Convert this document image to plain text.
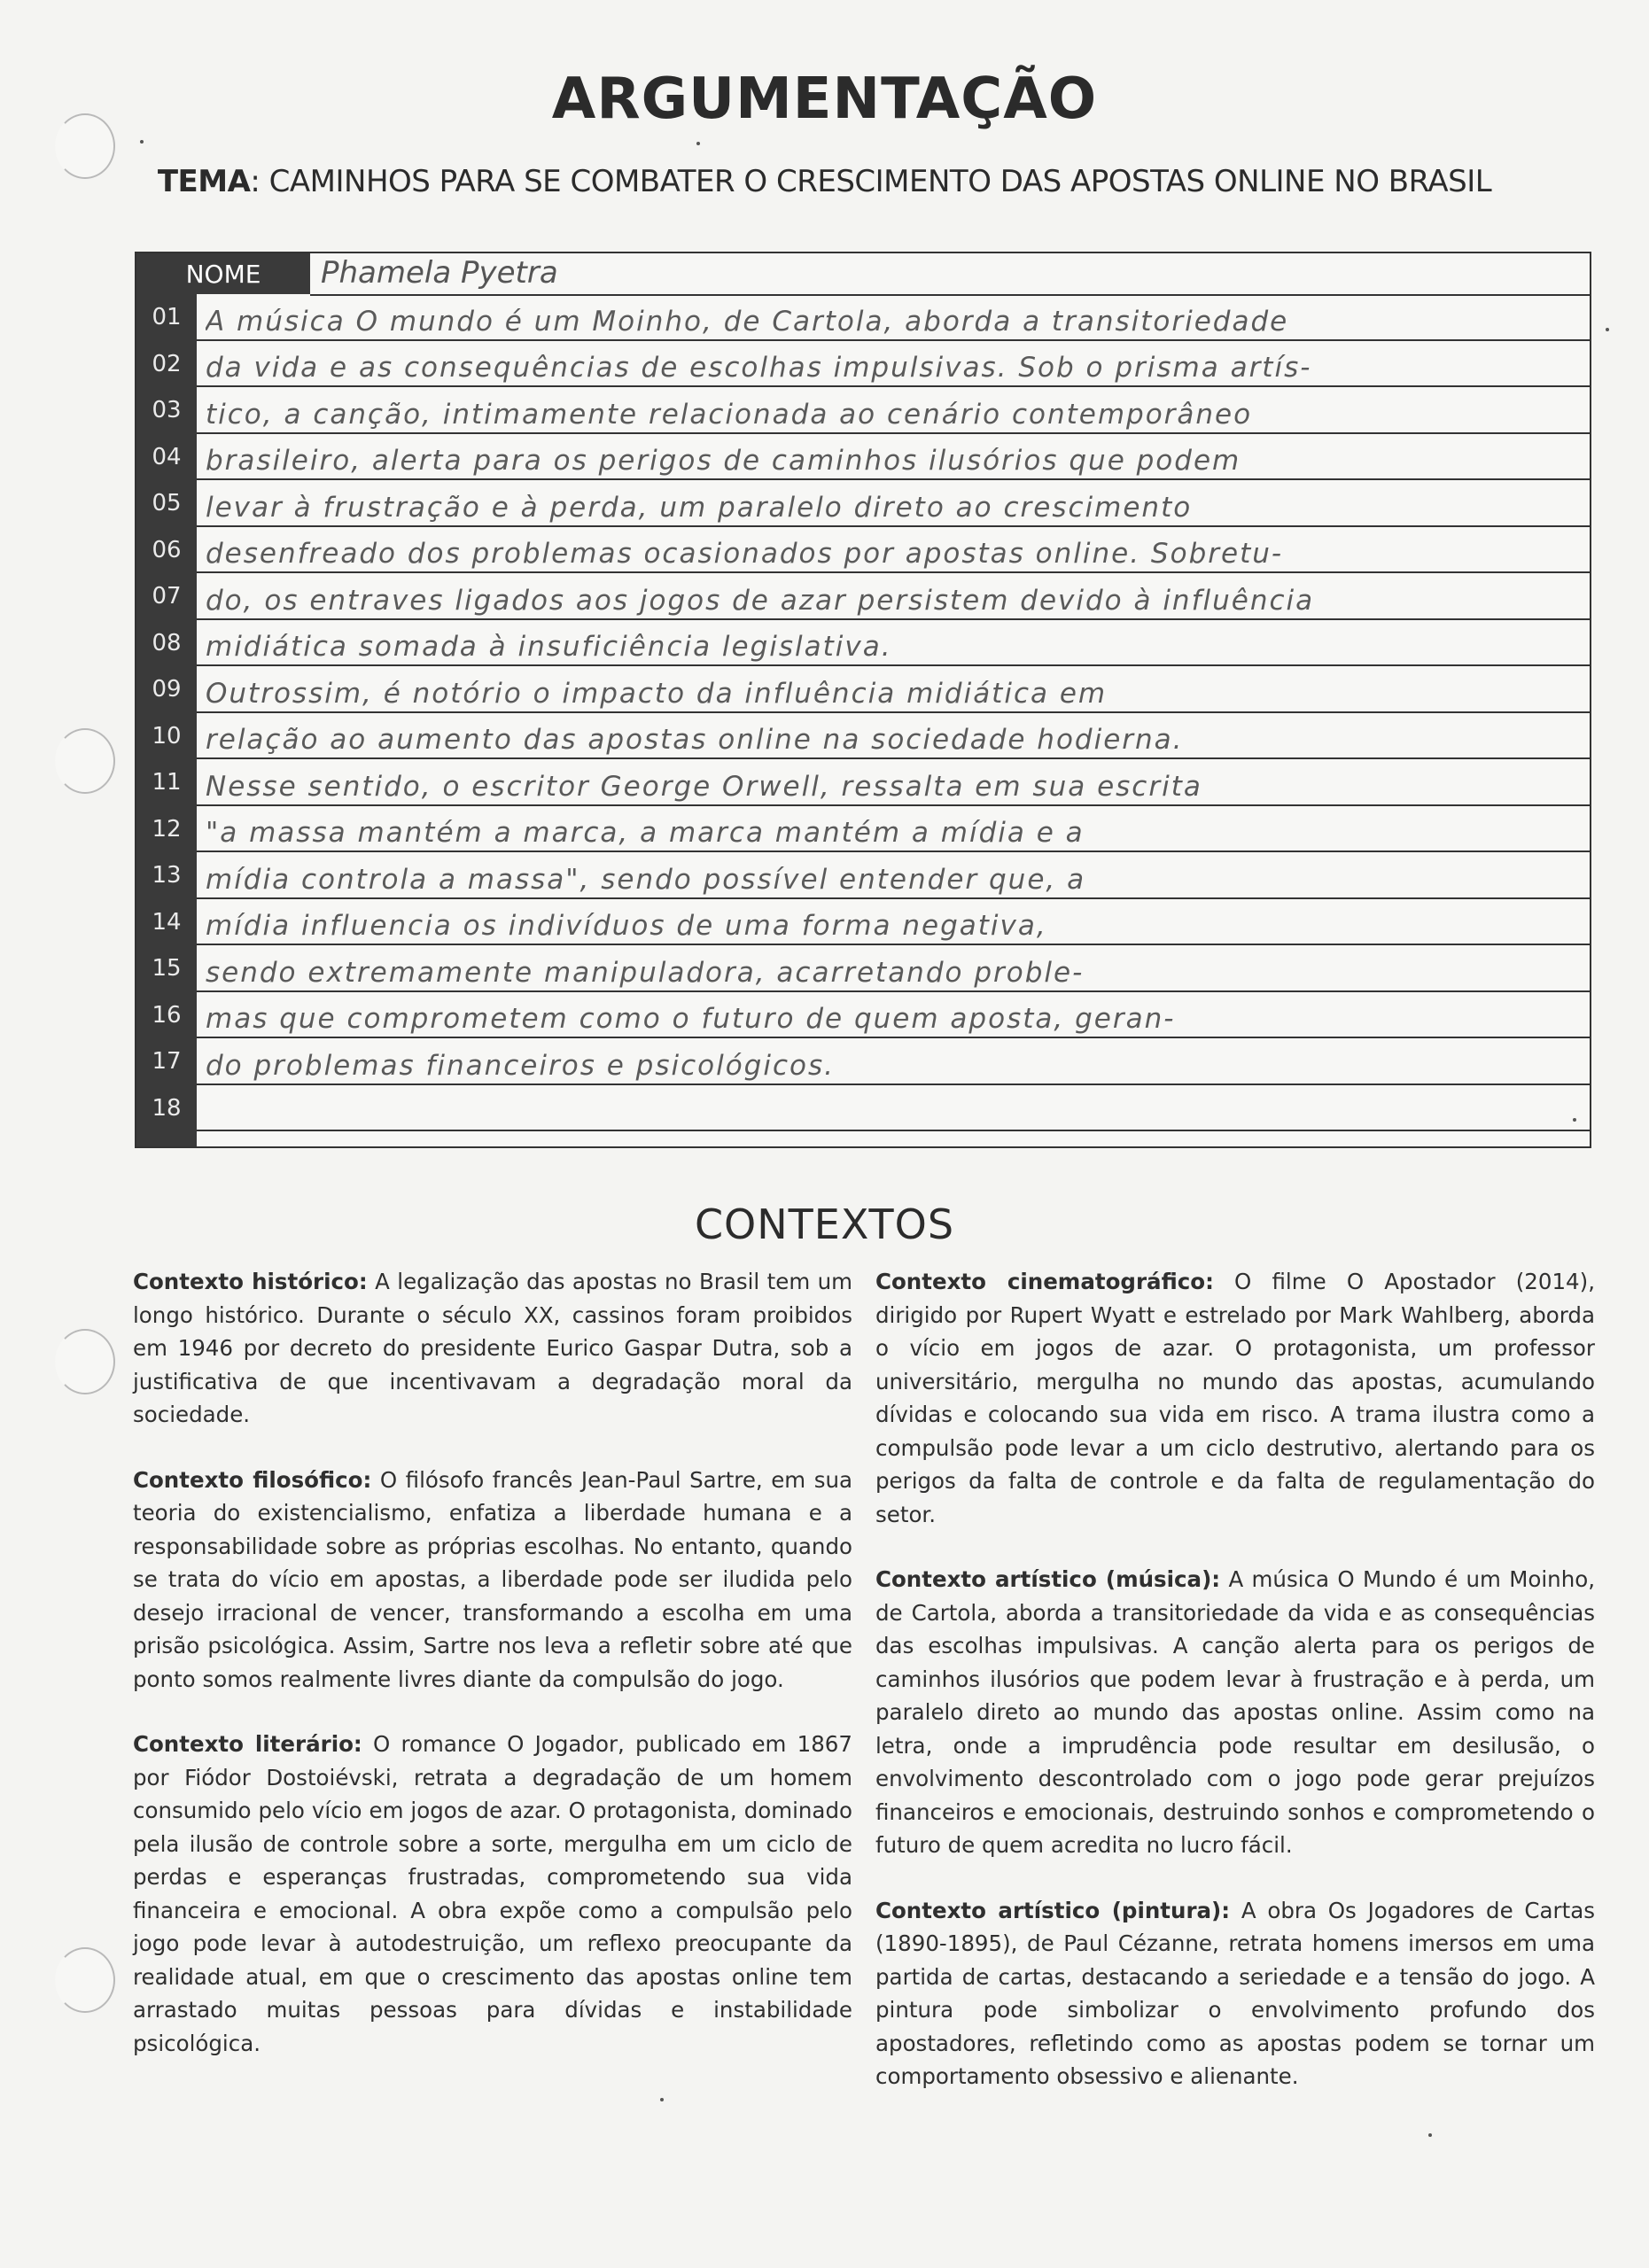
ARGUMENTAÇÃO
TEMA: CAMINHOS PARA SE COMBATER O CRESCIMENTO DAS APOSTAS ONLINE NO BRASIL
NOME	Phamela Pyetra
01 A música O mundo é um Moinho, de Cartola, aborda a transitoriedade
02 da vida e as consequências de escolhas impulsivas. Sob o prisma artís-
03 tico, a canção, intimamente relacionada ao cenário contemporâneo
04 brasileiro, alerta para os perigos de caminhos ilusórios que podem
05 levar à frustração e à perda, um paralelo direto ao crescimento
06 desenfreado dos problemas ocasionados por apostas online. Sobretu-
07 do, os entraves ligados aos jogos de azar persistem devido à influência
08 midiática somada à insuficiência legislativa.
09 Outrossim, é notório o impacto da influência midiática em
10 relação ao aumento das apostas online na sociedade hodierna.
11 Nesse sentido, o escritor George Orwell, ressalta em sua escrita
12 "a massa mantém a marca, a marca mantém a mídia e a
13 mídia controla a massa", sendo possível entender que, a
14 mídia influencia os indivíduos de uma forma negativa,
15 sendo extremamente manipuladora, acarretando proble-
16 mas que comprometem como o futuro de quem aposta, geran-
17 do problemas financeiros e psicológicos.
18
CONTEXTOS

Contexto histórico: A legalização das apostas no Brasil tem um longo histórico. Durante o século XX, cassinos foram proibidos em 1946 por decreto do presidente Eurico Gaspar Dutra, sob a justificativa de que incentivavam a degradação moral da sociedade.

Contexto filosófico: O filósofo francês Jean-Paul Sartre, em sua teoria do existencialismo, enfatiza a liberdade humana e a responsabilidade sobre as próprias escolhas. No entanto, quando se trata do vício em apostas, a liberdade pode ser iludida pelo desejo irracional de vencer, transformando a escolha em uma prisão psicológica. Assim, Sartre nos leva a refletir sobre até que ponto somos realmente livres diante da compulsão do jogo.

Contexto literário: O romance O Jogador, publicado em 1867 por Fiódor Dostoiévski, retrata a degradação de um homem consumido pelo vício em jogos de azar. O protagonista, dominado pela ilusão de controle sobre a sorte, mergulha em um ciclo de perdas e esperanças frustradas, comprometendo sua vida financeira e emocional. A obra expõe como a compulsão pelo jogo pode levar à autodestruição, um reflexo preocupante da realidade atual, em que o crescimento das apostas online tem arrastado muitas pessoas para dívidas e instabilidade psicológica.

Contexto cinematográfico: O filme O Apostador (2014), dirigido por Rupert Wyatt e estrelado por Mark Wahlberg, aborda o vício em jogos de azar. O protagonista, um professor universitário, mergulha no mundo das apostas, acumulando dívidas e colocando sua vida em risco. A trama ilustra como a compulsão pode levar a um ciclo destrutivo, alertando para os perigos da falta de controle e da falta de regulamentação do setor.

Contexto artístico (música): A música O Mundo é um Moinho, de Cartola, aborda a transitoriedade da vida e as consequências das escolhas impulsivas. A canção alerta para os perigos de caminhos ilusórios que podem levar à frustração e à perda, um paralelo direto ao mundo das apostas online. Assim como na letra, onde a imprudência pode resultar em desilusão, o envolvimento descontrolado com o jogo pode gerar prejuízos financeiros e emocionais, destruindo sonhos e comprometendo o futuro de quem acredita no lucro fácil.

Contexto artístico (pintura): A obra Os Jogadores de Cartas (1890-1895), de Paul Cézanne, retrata homens imersos em uma partida de cartas, destacando a seriedade e a tensão do jogo. A pintura pode simbolizar o envolvimento profundo dos apostadores, refletindo como as apostas podem se tornar um comportamento obsessivo e alienante.
